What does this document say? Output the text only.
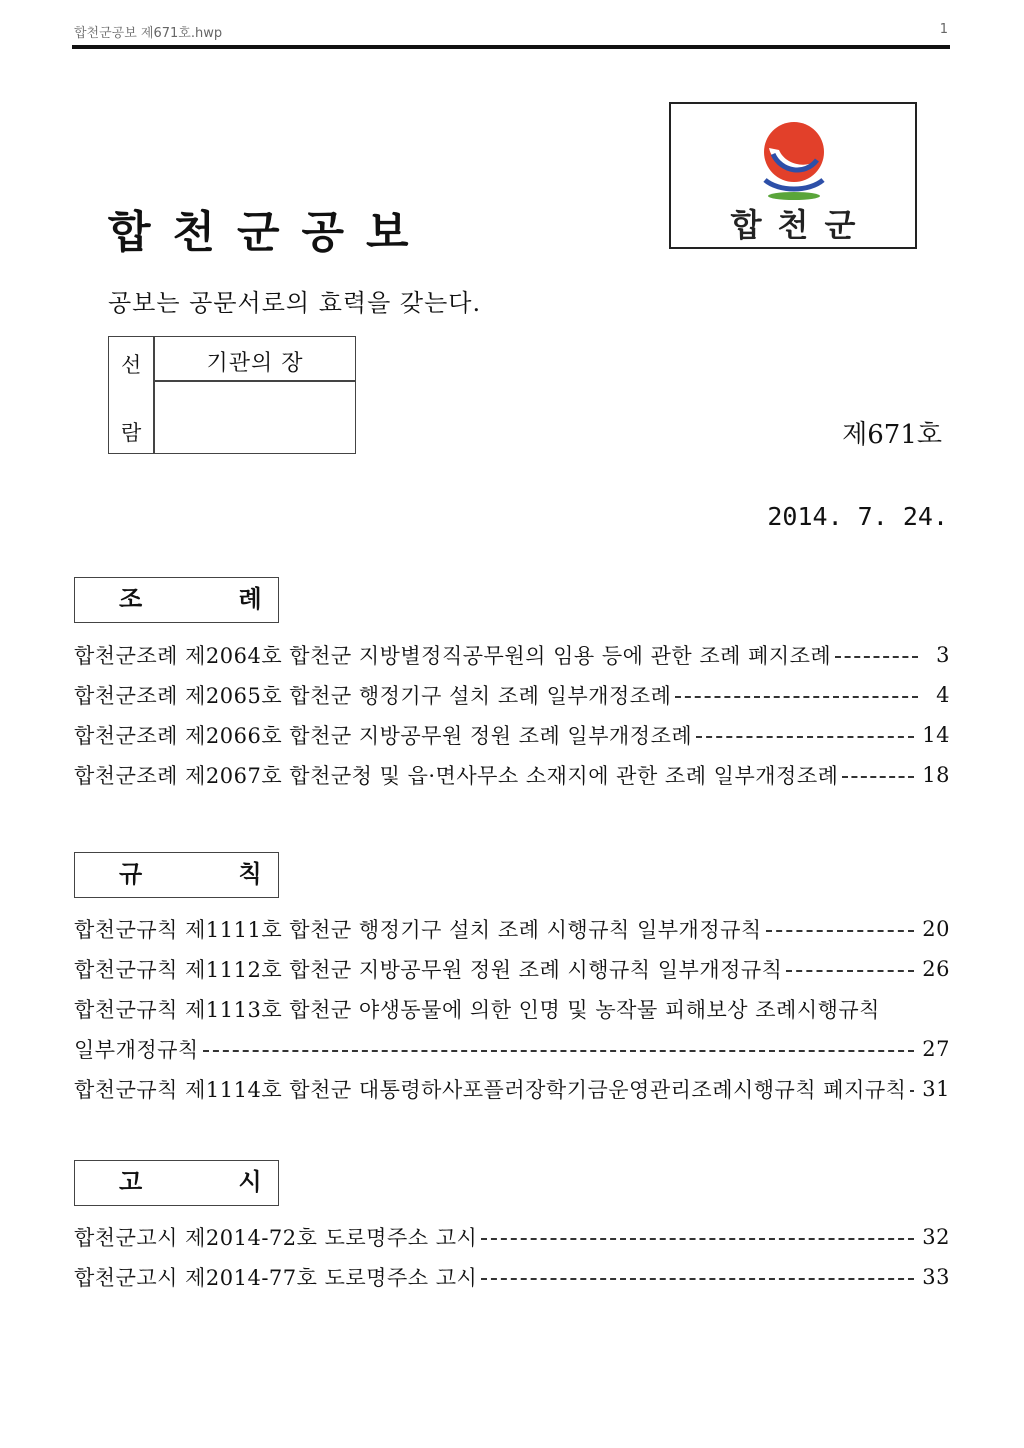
합천군공보 제671호.hwp	1
합천군공보
공보는 공문서로의 효력을 갖는다.
합천군
선
람
기관의 장
제671호
2014. 7. 24.
조 례
합천군조례 제2064호 합천군 지방별정직공무원의 임용 등에 관한 조례 폐지조례	3
합천군조례 제2065호 합천군 행정기구 설치 조례 일부개정조례	4
합천군조례 제2066호 합천군 지방공무원 정원 조례 일부개정조례	14
합천군조례 제2067호 합천군청 및 읍·면사무소 소재지에 관한 조례 일부개정조례	18
규 칙
합천군규칙 제1111호 합천군 행정기구 설치 조례 시행규칙 일부개정규칙	20
합천군규칙 제1112호 합천군 지방공무원 정원 조례 시행규칙 일부개정규칙	26
합천군규칙 제1113호 합천군 야생동물에 의한 인명 및 농작물 피해보상 조례시행규칙
일부개정규칙	27
합천군규칙 제1114호 합천군 대통령하사포플러장학기금운영관리조례시행규칙 폐지규칙 31
고 시
합천군고시 제2014-72호 도로명주소 고시	32
합천군고시 제2014-77호 도로명주소 고시	33
